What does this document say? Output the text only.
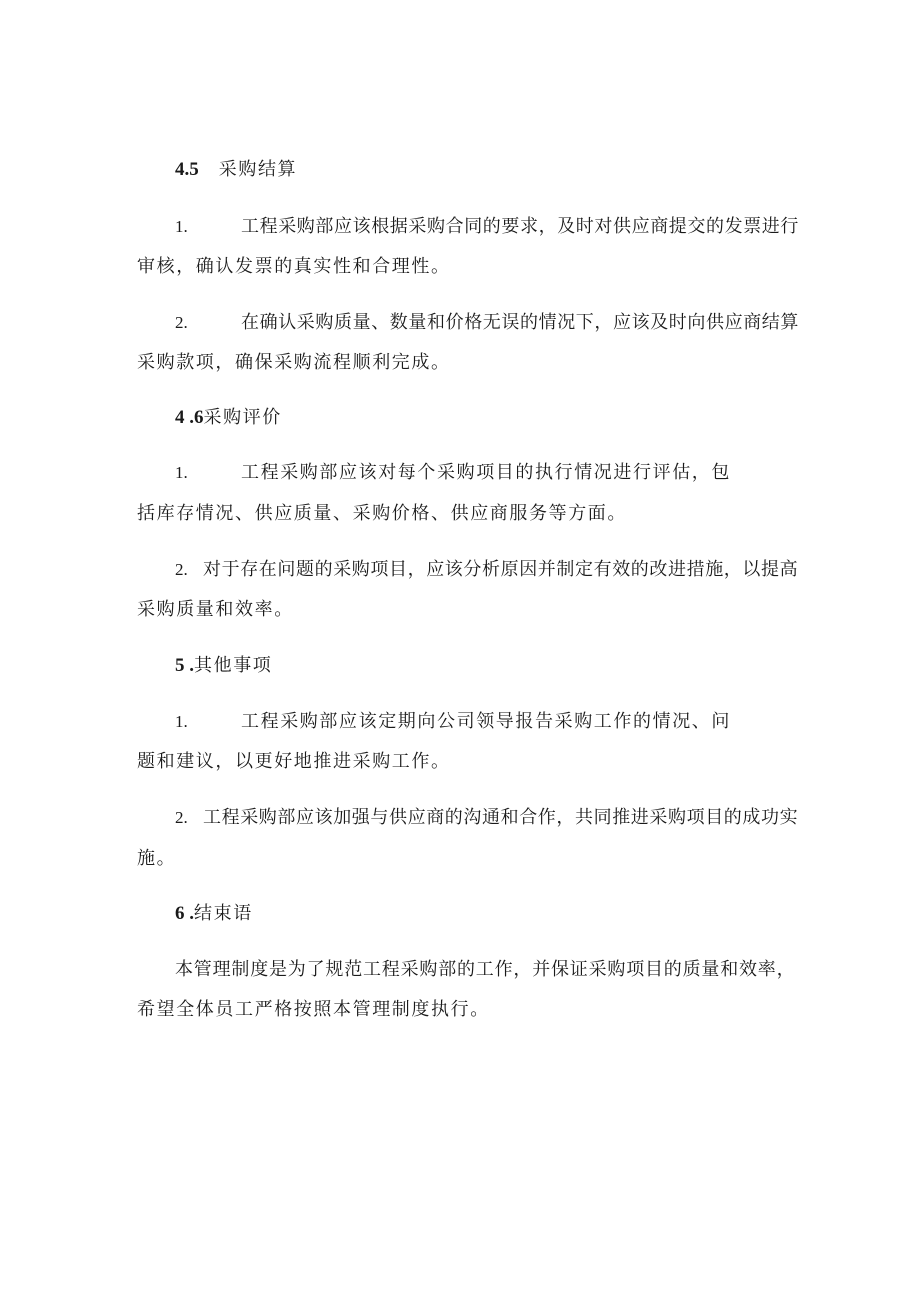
4.5 采购结算
1.	工程采购部应该根据采购合同的要求，及时对供应商提交的发票进行
审核，确认发票的真实性和合理性。
2.	在确认采购质量、数量和价格无误的情况下，应该及时向供应商结算
采购款项，确保采购流程顺利完成。
4 .6采购评价
1.	工程采购部应该对每个采购项目的执行情况进行评估，包
括库存情况、供应质量、采购价格、供应商服务等方面。
2. 对于存在问题的采购项目，应该分析原因并制定有效的改进措施，以提高
采购质量和效率。
5 .其他事项
1.	工程采购部应该定期向公司领导报告采购工作的情况、问
题和建议，以更好地推进采购工作。
2. 工程采购部应该加强与供应商的沟通和合作，共同推进采购项目的成功实
施。
6 .结束语
本管理制度是为了规范工程采购部的工作，并保证采购项目的质量和效率，
希望全体员工严格按照本管理制度执行。
